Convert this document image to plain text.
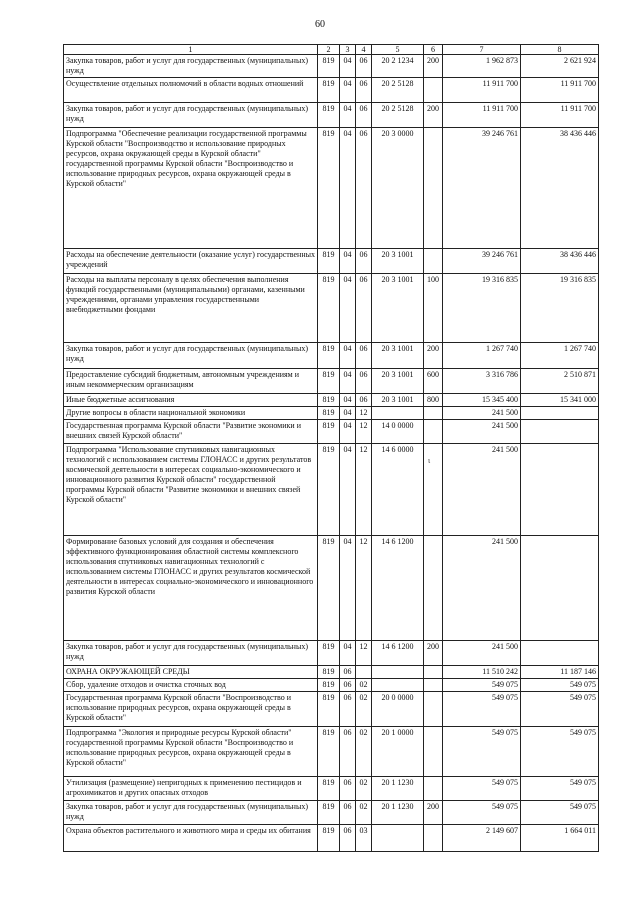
60
1	2	3	4	5	6	7	8
Закупка товаров, работ и услуг для государственных (муниципальных) нужд	819	04	06	20 2 1234	200	1 962 873	2 621 924
Осуществление отдельных полномочий в области водных отношений	819	04	06	20 2 5128		11 911 700	11 911 700
Закупка товаров, работ и услуг для государственных (муниципальных) нужд	819	04	06	20 2 5128	200	11 911 700	11 911 700
Подпрограмма "Обеспечение реализации государственной программы Курской области "Воспроизводство и использование природных ресурсов, охрана окружающей среды в Курской области" государственной программы Курской области "Воспроизводство и использование природных ресурсов, охрана окружающей среды в Курской области"	819	04	06	20 3 0000		39 246 761	38 436 446
Расходы на обеспечение деятельности (оказание услуг) государственных учреждений	819	04	06	20 3 1001		39 246 761	38 436 446
Расходы на выплаты персоналу в целях обеспечения выполнения функций государственными (муниципальными) органами, казенными учреждениями, органами управления государственными внебюджетными фондами	819	04	06	20 3 1001	100	19 316 835	19 316 835
Закупка товаров, работ и услуг для государственных (муниципальных) нужд	819	04	06	20 3 1001	200	1 267 740	1 267 740
Предоставление субсидий бюджетным, автономным учреждениям и иным некоммерческим организациям	819	04	06	20 3 1001	600	3 316 786	2 510 871
Иные бюджетные ассигнования	819	04	06	20 3 1001	800	15 345 400	15 341 000
Другие вопросы в области национальной экономики	819	04	12			241 500	
Государственная программа Курской области "Развитие экономики и внешних связей Курской области"	819	04	12	14 0 0000		241 500	
Подпрограмма "Использование спутниковых навигационных технологий с использованием системы ГЛОНАСС и других результатов космической деятельности в интересах социально-экономического и инновационного развития Курской области" государственной программы Курской области "Развитие экономики и внешних связей Курской области"	819	04	12	14 6 0000		241 500	
Формирование базовых условий для создания и обеспечения эффективного функционирования областной системы комплексного использования спутниковых навигационных технологий с использованием системы ГЛОНАСС и других результатов космической деятельности в интересах социально-экономического и инновационного развития Курской области	819	04	12	14 6 1200		241 500	
Закупка товаров, работ и услуг для государственных (муниципальных) нужд	819	04	12	14 6 1200	200	241 500	
ОХРАНА ОКРУЖАЮЩЕЙ СРЕДЫ	819	06				11 510 242	11 187 146
Сбор, удаление отходов и очистка сточных вод	819	06	02			549 075	549 075
Государственная программа Курской области "Воспроизводство и использование природных ресурсов, охрана окружающей среды в Курской области"	819	06	02	20 0 0000		549 075	549 075
Подпрограмма "Экология и природные ресурсы Курской области" государственной программы Курской области "Воспроизводство и использование природных ресурсов, охрана окружающей среды в Курской области"	819	06	02	20 1 0000		549 075	549 075
Утилизация (размещение) непригодных к применению пестицидов и агрохимикатов и других опасных отходов	819	06	02	20 1 1230		549 075	549 075
Закупка товаров, работ и услуг для государственных (муниципальных) нужд	819	06	02	20 1 1230	200	549 075	549 075
Охрана объектов растительного и животного мира и среды их обитания	819	06	03			2 149 607	1 664 011
ι
